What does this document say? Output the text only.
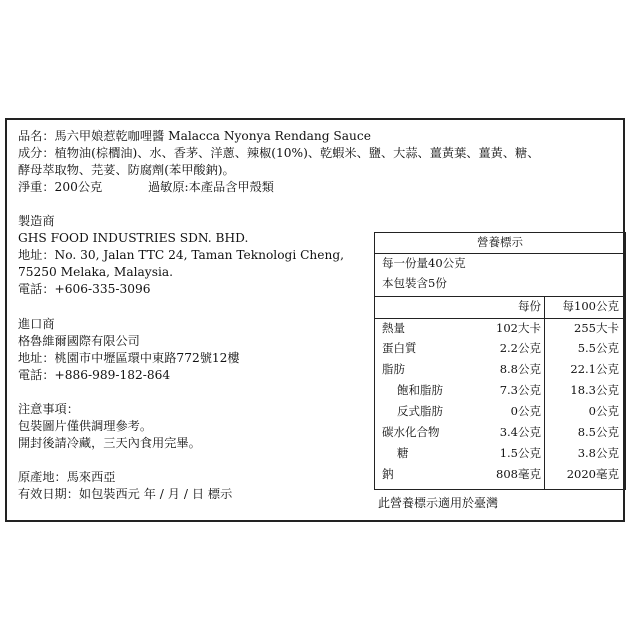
品名：馬六甲娘惹乾咖哩醬 Malacca Nyonya Rendang Sauce
成分：植物油(棕櫚油)、水、香茅、洋蔥、辣椒(10%)、乾蝦米、鹽、大蒜、薑黃葉、薑黃、糖、
酵母萃取物、芫荽、防腐劑(苯甲酸鈉)。
淨重：200公克	過敏原:本產品含甲殼類
製造商
GHS FOOD INDUSTRIES SDN. BHD.
地址：No. 30, Jalan TTC 24, Taman Teknologi Cheng,
75250 Melaka, Malaysia.
電話：+606-335-3096
進口商
格魯維爾國際有限公司
地址：桃園市中壢區環中東路772號12樓
電話：+886-989-182-864
注意事項：
包裝圖片僅供調理參考。
開封後請冷藏，三天內食用完畢。
原產地：馬來西亞
有效日期：如包裝西元 年 / 月 / 日 標示
營養標示
每一份量40公克
本包裝含5份
每份 每100公克
熱量	102大卡	255大卡
蛋白質	2.2公克	5.5公克
脂肪	8.8公克	22.1公克
飽和脂肪	7.3公克	18.3公克
反式脂肪	0公克	0公克
碳水化合物	3.4公克	8.5公克
糖	1.5公克	3.8公克
鈉	808毫克 2020毫克
此營養標示適用於臺灣
